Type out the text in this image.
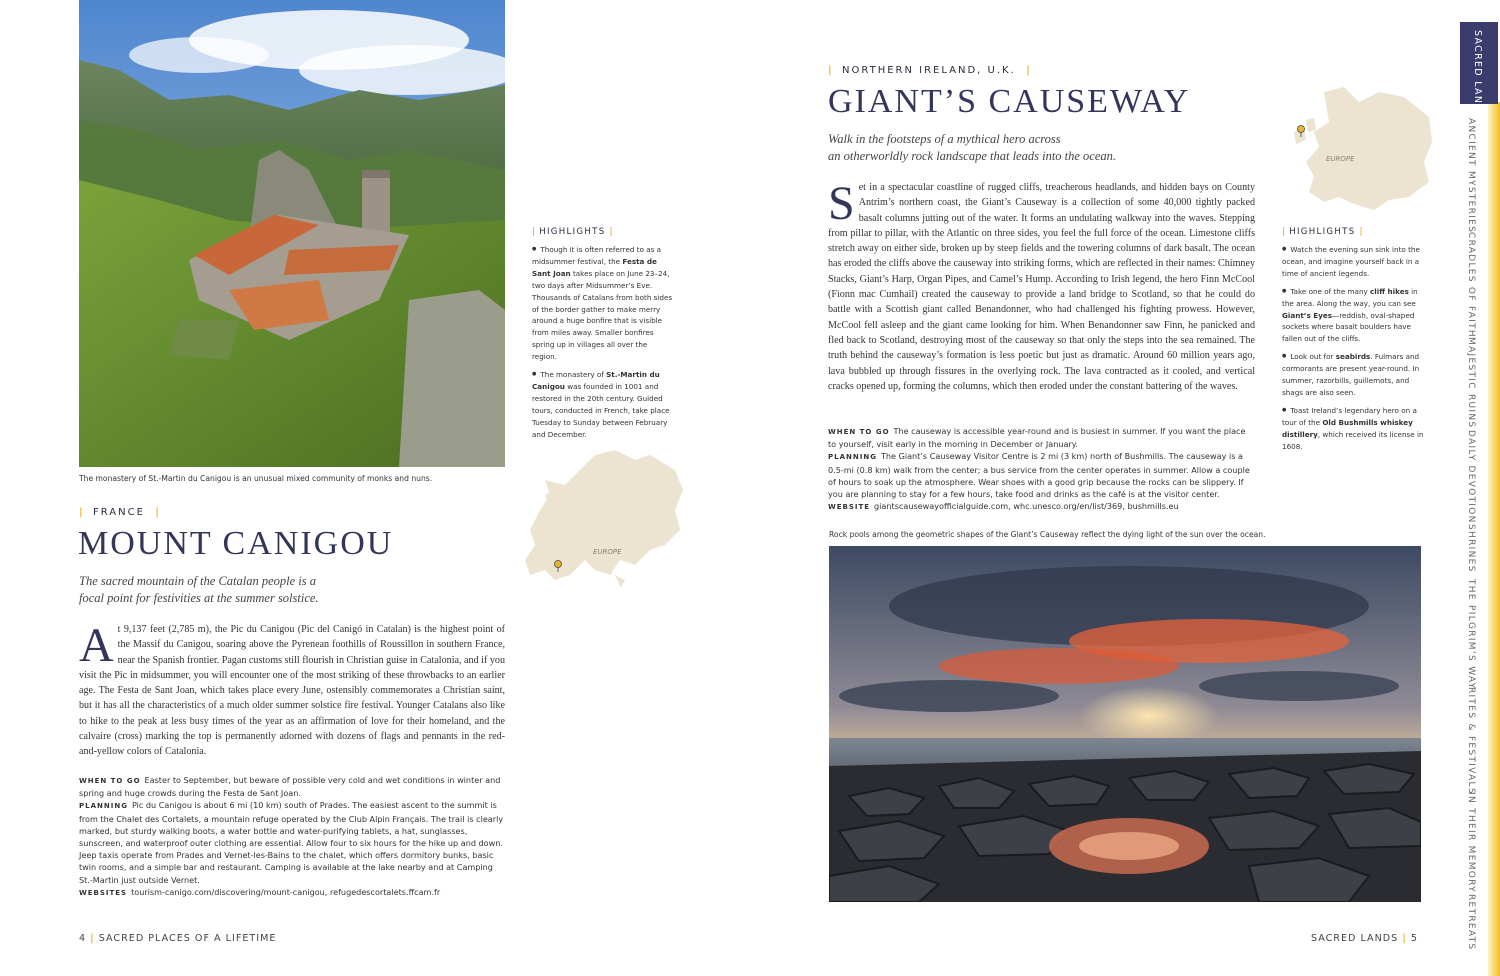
The monastery of St.-Martin du Canigou is an unusual mixed community of monks and nuns.
| FRANCE |
MOUNT CANIGOU
The sacred mountain of the Catalan people is a
focal point for festivities at the summer solstice.
A t 9,137 feet (2,785 m), the Pic du Canigou (Pic del Canigó in Catalan) is the highest point of the Massif du Canigou, soaring above the Pyrenean foothills of Roussillon in southern France, near the Spanish frontier. Pagan customs still flourish in Christian guise in Catalonia, and if you visit the Pic in midsummer, you will encounter one of the most striking of these throwbacks to an earlier age. The Festa de Sant Joan, which takes place every June, ostensibly commemorates a Christian saint, but it has all the characteristics of a much older summer solstice fire festival. Younger Catalans also like to hike to the peak at less busy times of the year as an affirmation of love for their homeland, and the calvaire (cross) marking the top is permanently adorned with dozens of flags and pennants in the red-and-yellow colors of Catalonia.

WHEN TO GO Easter to September, but beware of possible very cold and wet conditions in winter and spring and huge crowds during the Festa de Sant Joan.

PLANNING Pic du Canigou is about 6 mi (10 km) south of Prades. The easiest ascent to the summit is from the Chalet des Cortalets, a mountain refuge operated by the Club Alpin Français. The trail is clearly marked, but sturdy walking boots, a water bottle and water-purifying tablets, a hat, sunglasses, sunscreen, and waterproof outer clothing are essential. Allow four to six hours for the hike up and down. Jeep taxis operate from Prades and Vernet-les-Bains to the chalet, which offers dormitory bunks, basic twin rooms, and a simple bar and restaurant. Camping is available at the lake nearby and at Camping St.-Martin just outside Vernet.

WEBSITES tourism-canigo.com/discovering/mount-canigou, refugedescortalets.ffcam.fr

| HIGHLIGHTS |
● Though it is often referred to as a midsummer festival, the Festa de Sant Joan takes place on June 23–24, two days after Midsummer’s Eve. Thousands of Catalans from both sides of the border gather to make merry around a huge bonfire that is visible from miles away. Smaller bonfires spring up in villages all over the region.
● The monastery of St.-Martin du Canigou was founded in 1001 and restored in the 20th century. Guided tours, conducted in French, take place Tuesday to Sunday between February and December.
EUROPE
4 | SACRED PLACES OF A LIFETIME
| NORTHERN IRELAND, U.K. |
GIANT’S CAUSEWAY
Walk in the footsteps of a mythical hero across
an otherworldly rock landscape that leads into the ocean.
S et in a spectacular coastline of rugged cliffs, treacherous headlands, and hidden bays on County Antrim’s northern coast, the Giant’s Causeway is a collection of some 40,000 tightly packed basalt columns jutting out of the water. It forms an undulating walkway into the waves. Stepping from pillar to pillar, with the Atlantic on three sides, you feel the full force of the ocean. Limestone cliffs stretch away on either side, broken up by steep fields and the towering columns of dark basalt. The ocean has eroded the cliffs above the causeway into striking forms, which are reflected in their names: Chimney Stacks, Giant’s Harp, Organ Pipes, and Camel’s Hump. According to Irish legend, the hero Finn McCool (Fionn mac Cumhail) created the causeway to provide a land bridge to Scotland, so that he could do battle with a Scottish giant called Benandonner, who had challenged his fighting prowess. However, McCool fell asleep and the giant came looking for him. When Benandonner saw Finn, he panicked and fled back to Scotland, destroying most of the causeway so that only the steps into the sea remained. The truth behind the causeway’s formation is less poetic but just as dramatic. Around 60 million years ago, lava bubbled up through fissures in the overlying rock. The lava contracted as it cooled, and vertical cracks opened up, forming the columns, which then eroded under the constant battering of the waves.

WHEN TO GO The causeway is accessible year-round and is busiest in summer. If you want the place to yourself, visit early in the morning in December or January.

PLANNING The Giant’s Causeway Visitor Centre is 2 mi (3 km) north of Bushmills. The causeway is a 0.5-mi (0.8 km) walk from the center; a bus service from the center operates in summer. Allow a couple of hours to soak up the atmosphere. Wear shoes with a good grip because the rocks can be slippery. If you are planning to stay for a few hours, take food and drinks as the café is at the visitor center.

WEBSITE giantscausewayofficialguide.com, whc.unesco.org/en/list/369, bushmills.eu

Rock pools among the geometric shapes of the Giant’s Causeway reflect the dying light of the sun over the ocean.
| HIGHLIGHTS |
● Watch the evening sun sink into the ocean, and imagine yourself back in a time of ancient legends.
● Take one of the many cliff hikes in the area. Along the way, you can see Giant’s Eyes—reddish, oval-shaped sockets where basalt boulders have fallen out of the cliffs.
● Look out for seabirds. Fulmars and cormorants are present year-round. In summer, razorbills, guillemots, and shags are also seen.
● Toast Ireland’s legendary hero on a tour of the Old Bushmills whiskey distillery, which received its license in 1608.
EUROPE
SACRED LANDS | 5
SACRED LANDS
ANCIENT MYSTERIES
CRADLES OF FAITH
MAJESTIC RUINS
DAILY DEVOTION
SHRINES
THE PILGRIM’S WAY
RITES & FESTIVALS
IN THEIR MEMORY
RETREATS
